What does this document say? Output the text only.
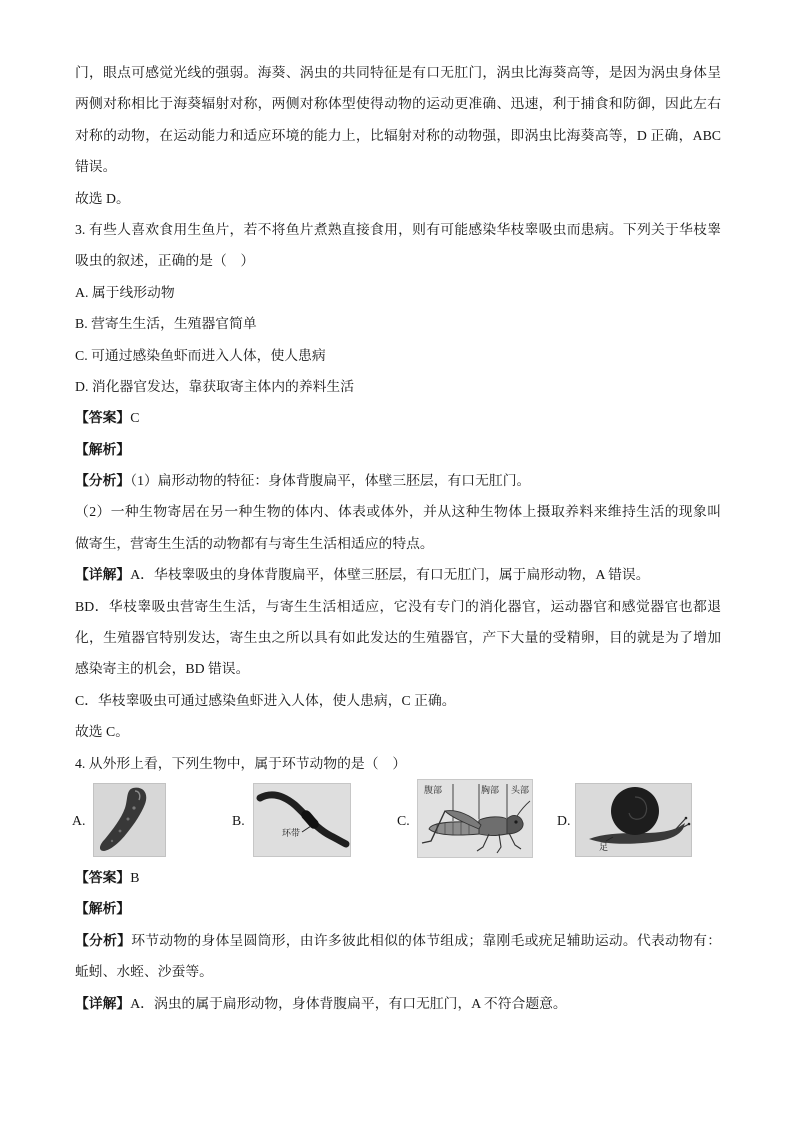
门，眼点可感觉光线的强弱。海葵、涡虫的共同特征是有口无肛门，涡虫比海葵高等，是因为涡虫身体呈
两侧对称相比于海葵辐射对称，两侧对称体型使得动物的运动更准确、迅速，利于捕食和防御，因此左右
对称的动物，在运动能力和适应环境的能力上，比辐射对称的动物强，即涡虫比海葵高等，D 正确，ABC
错误。
故选 D。
3. 有些人喜欢食用生鱼片，若不将鱼片煮熟直接食用，则有可能感染华枝睾吸虫而患病。下列关于华枝睾
吸虫的叙述，正确的是（    ）
A. 属于线形动物
B. 营寄生生活，生殖器官简单
C. 可通过感染鱼虾而进入人体，使人患病
D. 消化器官发达，靠获取寄主体内的养料生活
【答案】C
【解析】
【分析】（1）扁形动物的特征：身体背腹扁平，体壁三胚层，有口无肛门。
（2）一种生物寄居在另一种生物的体内、体表或体外，并从这种生物体上摄取养料来维持生活的现象叫
做寄生，营寄生生活的动物都有与寄生生活相适应的特点。
【详解】A．华枝睾吸虫的身体背腹扁平，体壁三胚层，有口无肛门，属于扁形动物，A 错误。
BD．华枝睾吸虫营寄生生活，与寄生生活相适应，它没有专门的消化器官，运动器官和感觉器官也都退
化，生殖器官特别发达，寄生虫之所以具有如此发达的生殖器官，产下大量的受精卵，目的就是为了增加
感染寄主的机会，BD 错误。
C．华枝睾吸虫可通过感染鱼虾进入人体，使人患病，C 正确。
故选 C。
4. 从外形上看，下列生物中，属于环节动物的是（    ）
A.	B.
环带
C.
腹部	胸部 头部
D.
足
【答案】B
【解析】
【分析】环节动物的身体呈圆筒形，由许多彼此相似的体节组成；靠刚毛或疣足辅助运动。代表动物有：
蚯蚓、水蛭、沙蚕等。
【详解】A．涡虫的属于扁形动物，身体背腹扁平，有口无肛门，A 不符合题意。
